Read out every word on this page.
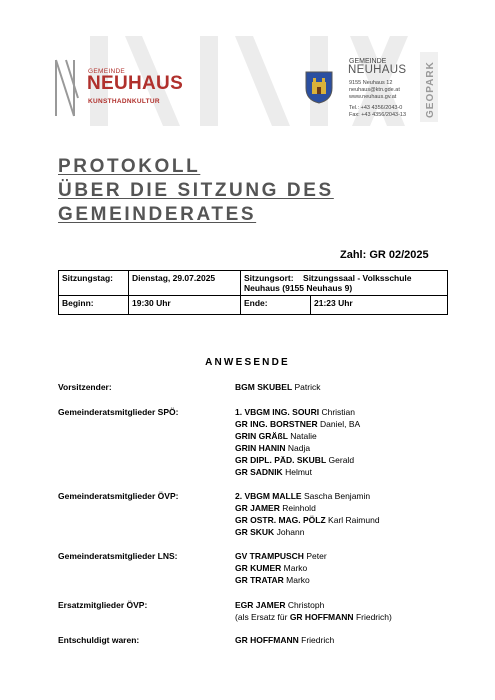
GEMEINDE
NEUHAUS
KUNSTHADNKULTUR
GEMEINDE
NEUHAUS
9155 Neuhaus 12
neuhaus@ktn.gde.at
www.neuhaus.gv.at
Tel.: +43 4356/2043-0
Fax: +43 4356/2043-13 GEOPARK
PROTOKOLL
ÜBER DIE SITZUNG DES
GEMEINDERATES
Zahl: GR 02/2025
Sitzungstag:	Dienstag, 29.07.2025	Sitzungsort: Sitzungssaal - Volksschule
Neuhaus (9155 Neuhaus 9)	
Beginn:	19:30 Uhr	Ende:	21:23 Uhr
ANWESENDE
Vorsitzender:	BGM SKUBEL Patrick
Gemeinderatsmitglieder SPÖ:	1. VBGM ING. SOURI Christian
GR ING. BORSTNER Daniel, BA
GRIN GRÄßL Natalie
GRIN HANIN Nadja
GR DIPL. PÄD. SKUBL Gerald
GR SADNIK Helmut
Gemeinderatsmitglieder ÖVP:	2. VBGM MALLE Sascha Benjamin
GR JAMER Reinhold
GR OSTR. MAG. PÖLZ Karl Raimund
GR SKUK Johann
Gemeinderatsmitglieder LNS:	GV TRAMPUSCH Peter
GR KUMER Marko
GR TRATAR Marko
Ersatzmitglieder ÖVP:	EGR JAMER Christoph
(als Ersatz für GR HOFFMANN Friedrich)
Entschuldigt waren:	GR HOFFMANN Friedrich
